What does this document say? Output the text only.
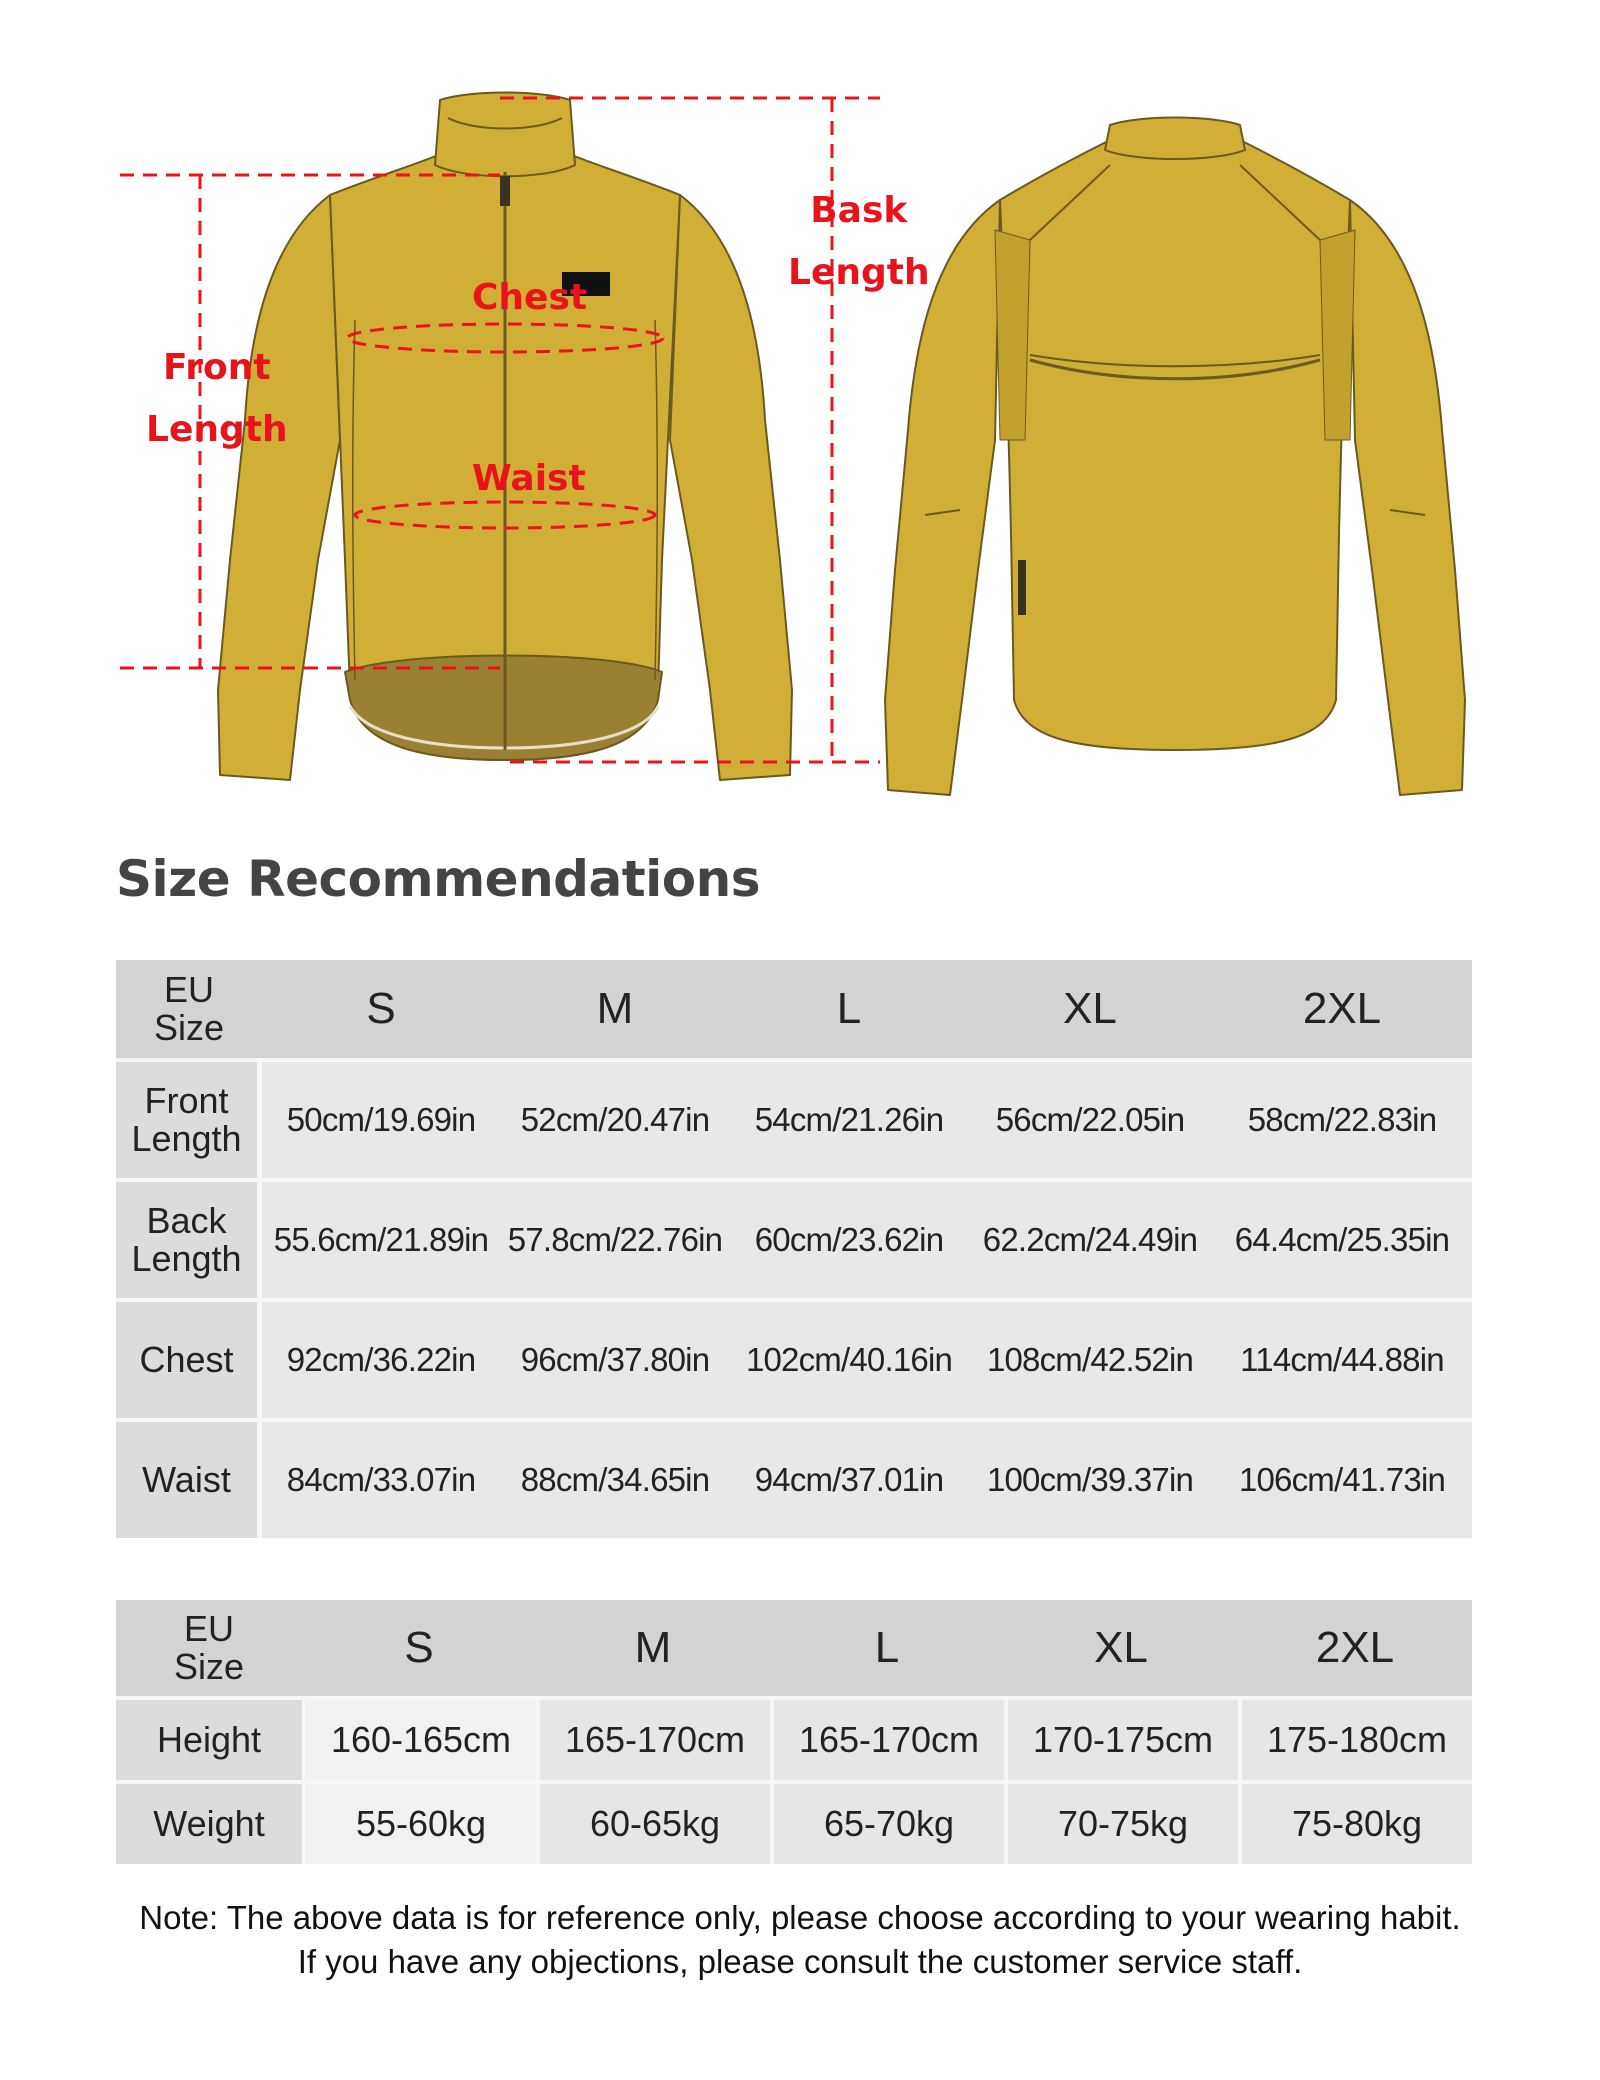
Bask
Length
Chest
Front
Length
Waist
Size Recommendations
EU
Size	S	M	L	XL	2XL

Front
Length	50cm/19.69in	52cm/20.47in	54cm/21.26in	56cm/22.05in	58cm/22.83in

Back
Length	55.6cm/21.89in	57.8cm/22.76in	60cm/23.62in	62.2cm/24.49in	64.4cm/25.35in
Chest	92cm/36.22in	96cm/37.80in	102cm/40.16in	108cm/42.52in	114cm/44.88in
Waist	84cm/33.07in	88cm/34.65in	94cm/37.01in	100cm/39.37in	106cm/41.73in
EU
Size	S	M	L	XL	2XL
Height	160-165cm	165-170cm	165-170cm	170-175cm	175-180cm
Weight	55-60kg	60-65kg	65-70kg	70-75kg	75-80kg

Note: The above data is for reference only, please choose according to your wearing habit.

If you have any objections, please consult the customer service staff.
